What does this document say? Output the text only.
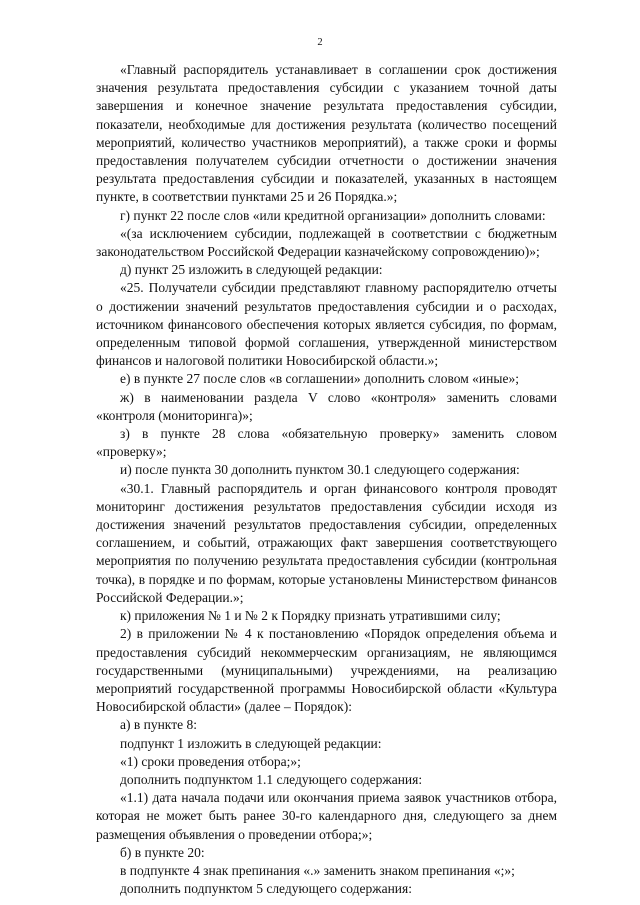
2

«Главный распорядитель устанавливает в соглашении срок достижения значения результата предоставления субсидии с указанием точной даты завершения и конечное значение результата предоставления субсидии, показатели, необходимые для достижения результата (количество посещений мероприятий, количество участников мероприятий), а также сроки и формы предоставления получателем субсидии отчетности о достижении значения результата предоставления субсидии и показателей, указанных в настоящем пункте, в соответствии пунктами 25 и 26 Порядка.»;

г) пункт 22 после слов «или кредитной организации» дополнить словами:

«(за исключением субсидии, подлежащей в соответствии с бюджетным законодательством Российской Федерации казначейскому сопровождению)»;

д) пункт 25 изложить в следующей редакции:

«25. Получатели субсидии представляют главному распорядителю отчеты о достижении значений результатов предоставления субсидии и о расходах, источником финансового обеспечения которых является субсидия, по формам, определенным типовой формой соглашения, утвержденной министерством финансов и налоговой политики Новосибирской области.»;

е) в пункте 27 после слов «в соглашении» дополнить словом «иные»;

ж) в наименовании раздела V слово «контроля» заменить словами «контроля (мониторинга)»;

з) в пункте 28 слова «обязательную проверку» заменить словом «проверку»;

и) после пункта 30 дополнить пунктом 30.1 следующего содержания:

«30.1. Главный распорядитель и орган финансового контроля проводят мониторинг достижения результатов предоставления субсидии исходя из достижения значений результатов предоставления субсидии, определенных соглашением, и событий, отражающих факт завершения соответствующего мероприятия по получению результата предоставления субсидии (контрольная точка), в порядке и по формам, которые установлены Министерством финансов Российской Федерации.»;

к) приложения № 1 и № 2 к Порядку признать утратившими силу;

2) в приложении № 4 к постановлению «Порядок определения объема и предоставления субсидий некоммерческим организациям, не являющимся государственными (муниципальными) учреждениями, на реализацию мероприятий государственной программы Новосибирской области «Культура Новосибирской области» (далее – Порядок):

а) в пункте 8:

подпункт 1 изложить в следующей редакции:

«1) сроки проведения отбора;»;

дополнить подпунктом 1.1 следующего содержания:

«1.1) дата начала подачи или окончания приема заявок участников отбора, которая не может быть ранее 30-го календарного дня, следующего за днем размещения объявления о проведении отбора;»;

б) в пункте 20:

в подпункте 4 знак препинания «.» заменить знаком препинания «;»;

дополнить подпунктом 5 следующего содержания:
